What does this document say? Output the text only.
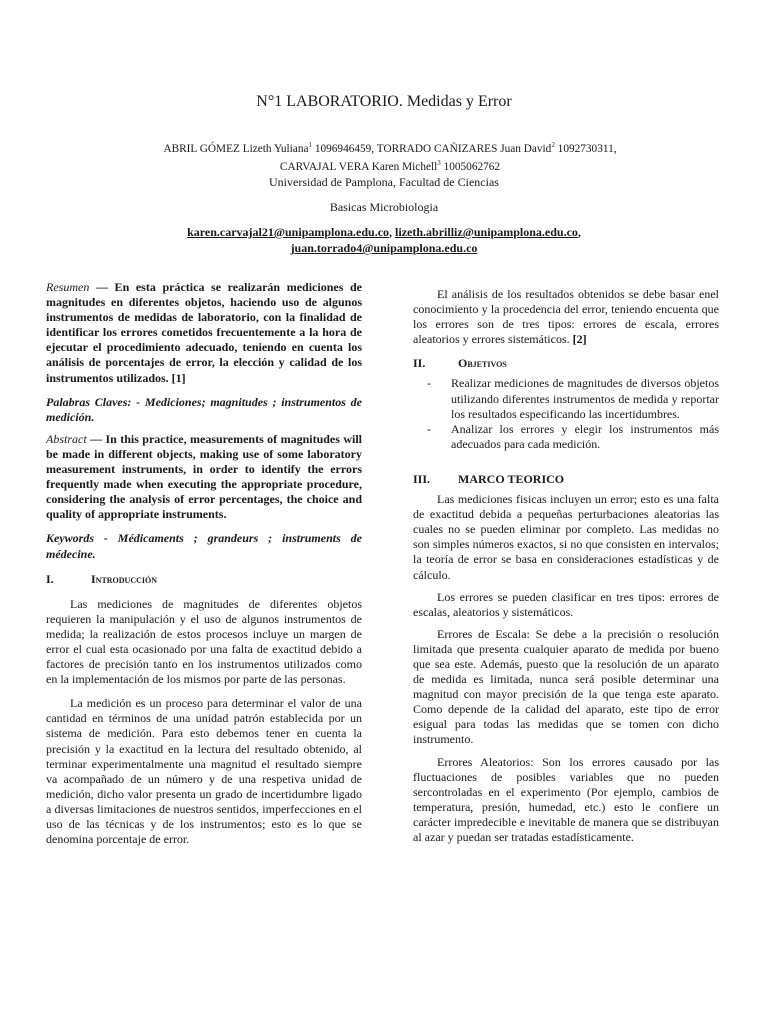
N°1 LABORATORIO. Medidas y Error
ABRIL GÓMEZ Lizeth Yuliana$^1$ 1096946459, TORRADO CAÑIZARES Juan David$^2$ 1092730311,
CARVAJAL VERA Karen Michell$^3$ 1005062762
Universidad de Pamplona, Facultad de Ciencias
Basicas Microbiologia
karen.carvajal21@unipamplona.edu.co, lizeth.abrilliz@unipamplona.edu.co,
juan.torrado4@unipamplona.edu.co

Resumen — En esta práctica se realizarán mediciones de magnitudes en diferentes objetos, haciendo uso de algunos instrumentos de medidas de laboratorio, con la finalidad de identificar los errores cometidos frecuentemente a la hora de ejecutar el procedimiento adecuado, teniendo en cuenta los análisis de porcentajes de error, la elección y calidad de los instrumentos utilizados. [1]

Palabras Claves: - Mediciones; magnitudes ; instrumentos de medición.

Abstract — In this practice, measurements of magnitudes will be made in different objects, making use of some laboratory measurement instruments, in order to identify the errors frequently made when executing the appropriate procedure, considering the analysis of error percentages, the choice and quality of appropriate instruments.

Keywords - Médicaments ; grandeurs ; instruments de médecine.

I.	Introducción

Las mediciones de magnitudes de diferentes objetos requieren la manipulación y el uso de algunos instrumentos de medida; la realización de estos procesos incluye un margen de error el cual esta ocasionado por una falta de exactitud debido a factores de precisión tanto en los instrumentos utilizados como en la implementación de los mismos por parte de las personas.

La medición es un proceso para determinar el valor de una cantidad en términos de una unidad patrón establecida por un sistema de medición. Para esto debemos tener en cuenta la precisión y la exactitud en la lectura del resultado obtenido, al terminar experimentalmente una magnitud el resultado siempre va acompañado de un número y de una respetiva unidad de medición, dicho valor presenta un grado de incertidumbre ligado a diversas limitaciones de nuestros sentidos, imperfecciones en el uso de las técnicas y de los instrumentos; esto es lo que se denomina porcentaje de error.

El análisis de los resultados obtenidos se debe basar enel conocimiento y la procedencia del error, teniendo encuenta que los errores son de tres tipos: errores de escala, errores aleatorios y errores sistemáticos. [2]

II.	Objetivos
-	Realizar mediciones de magnitudes de diversos objetos utilizando diferentes instrumentos de medida y reportar los resultados especificando las incertidumbres.
-	Analizar los errores y elegir los instrumentos más adecuados para cada medición.
III.	MARCO TEORICO

Las mediciones fisicas incluyen un error; esto es una falta de exactitud debida a pequeñas perturbaciones aleatorias las cuales no se pueden eliminar por completo. Las medidas no son simples números exactos, si no que consisten en intervalos; la teoría de error se basa en consideraciones estadísticas y de cálculo.

Los errores se pueden clasificar en tres tipos: errores de escalas, aleatorios y sistemáticos.

Errores de Escala: Se debe a la precisión o resolución limitada que presenta cualquier aparato de medida por bueno que sea este. Además, puesto que la resolución de un aparato de medida es limitada, nunca será posible determinar una magnitud con mayor precisión de la que tenga este aparato. Como depende de la calidad del aparato, este tipo de error esigual para todas las medidas que se tomen con dicho instrumento.

Errores Aleatorios: Son los errores causado por las fluctuaciones de posibles variables que no pueden sercontroladas en el experimento (Por ejemplo, cambios de temperatura, presión, humedad, etc.) esto le confiere un carácter impredecible e inevitable de manera que se distribuyan al azar y puedan ser tratadas estadísticamente.
